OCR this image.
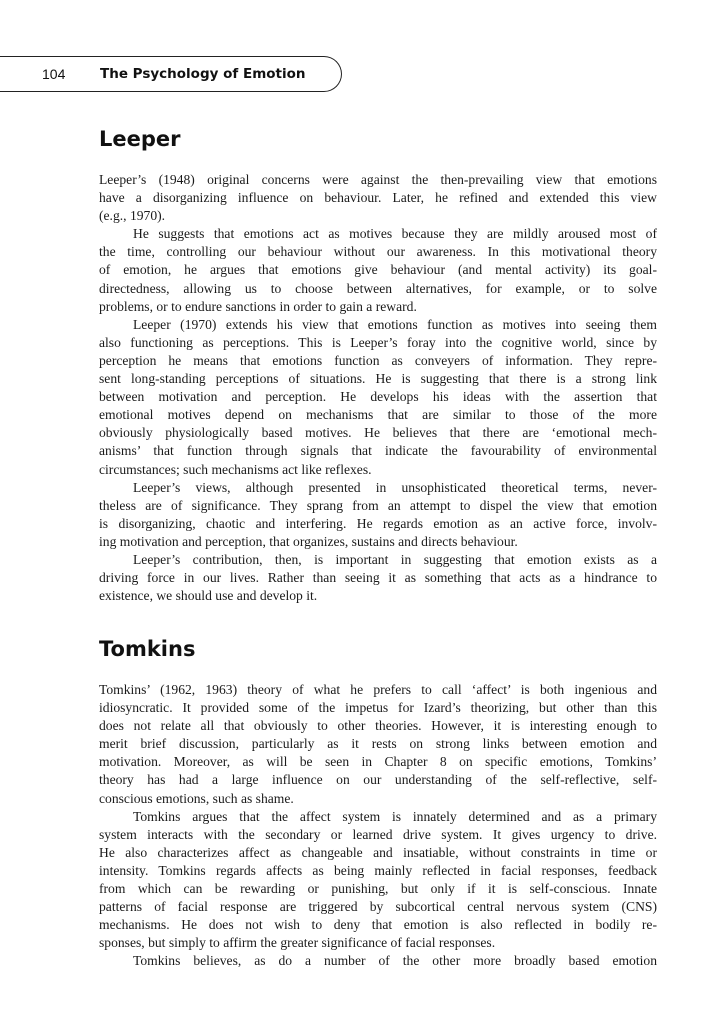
104	The Psychology of Emotion
Leeper
Leeper’s (1948) original concerns were against the then-prevailing view that emotions
have a disorganizing influence on behaviour. Later, he refined and extended this view
(e.g., 1970).
He suggests that emotions act as motives because they are mildly aroused most of
the time, controlling our behaviour without our awareness. In this motivational theory
of emotion, he argues that emotions give behaviour (and mental activity) its goal-
directedness, allowing us to choose between alternatives, for example, or to solve
problems, or to endure sanctions in order to gain a reward.
Leeper (1970) extends his view that emotions function as motives into seeing them
also functioning as perceptions. This is Leeper’s foray into the cognitive world, since by
perception he means that emotions function as conveyers of information. They repre-
sent long-standing perceptions of situations. He is suggesting that there is a strong link
between motivation and perception. He develops his ideas with the assertion that
emotional motives depend on mechanisms that are similar to those of the more
obviously physiologically based motives. He believes that there are ‘emotional mech-
anisms’ that function through signals that indicate the favourability of environmental
circumstances; such mechanisms act like reflexes.
Leeper’s views, although presented in unsophisticated theoretical terms, never-
theless are of significance. They sprang from an attempt to dispel the view that emotion
is disorganizing, chaotic and interfering. He regards emotion as an active force, involv-
ing motivation and perception, that organizes, sustains and directs behaviour.
Leeper’s contribution, then, is important in suggesting that emotion exists as a
driving force in our lives. Rather than seeing it as something that acts as a hindrance to
existence, we should use and develop it.
Tomkins
Tomkins’ (1962, 1963) theory of what he prefers to call ‘affect’ is both ingenious and
idiosyncratic. It provided some of the impetus for Izard’s theorizing, but other than this
does not relate all that obviously to other theories. However, it is interesting enough to
merit brief discussion, particularly as it rests on strong links between emotion and
motivation. Moreover, as will be seen in Chapter 8 on specific emotions, Tomkins’
theory has had a large influence on our understanding of the self-reflective, self-
conscious emotions, such as shame.
Tomkins argues that the affect system is innately determined and as a primary
system interacts with the secondary or learned drive system. It gives urgency to drive.
He also characterizes affect as changeable and insatiable, without constraints in time or
intensity. Tomkins regards affects as being mainly reflected in facial responses, feedback
from which can be rewarding or punishing, but only if it is self-conscious. Innate
patterns of facial response are triggered by subcortical central nervous system (CNS)
mechanisms. He does not wish to deny that emotion is also reflected in bodily re-
sponses, but simply to affirm the greater significance of facial responses.
Tomkins believes, as do a number of the other more broadly based emotion
